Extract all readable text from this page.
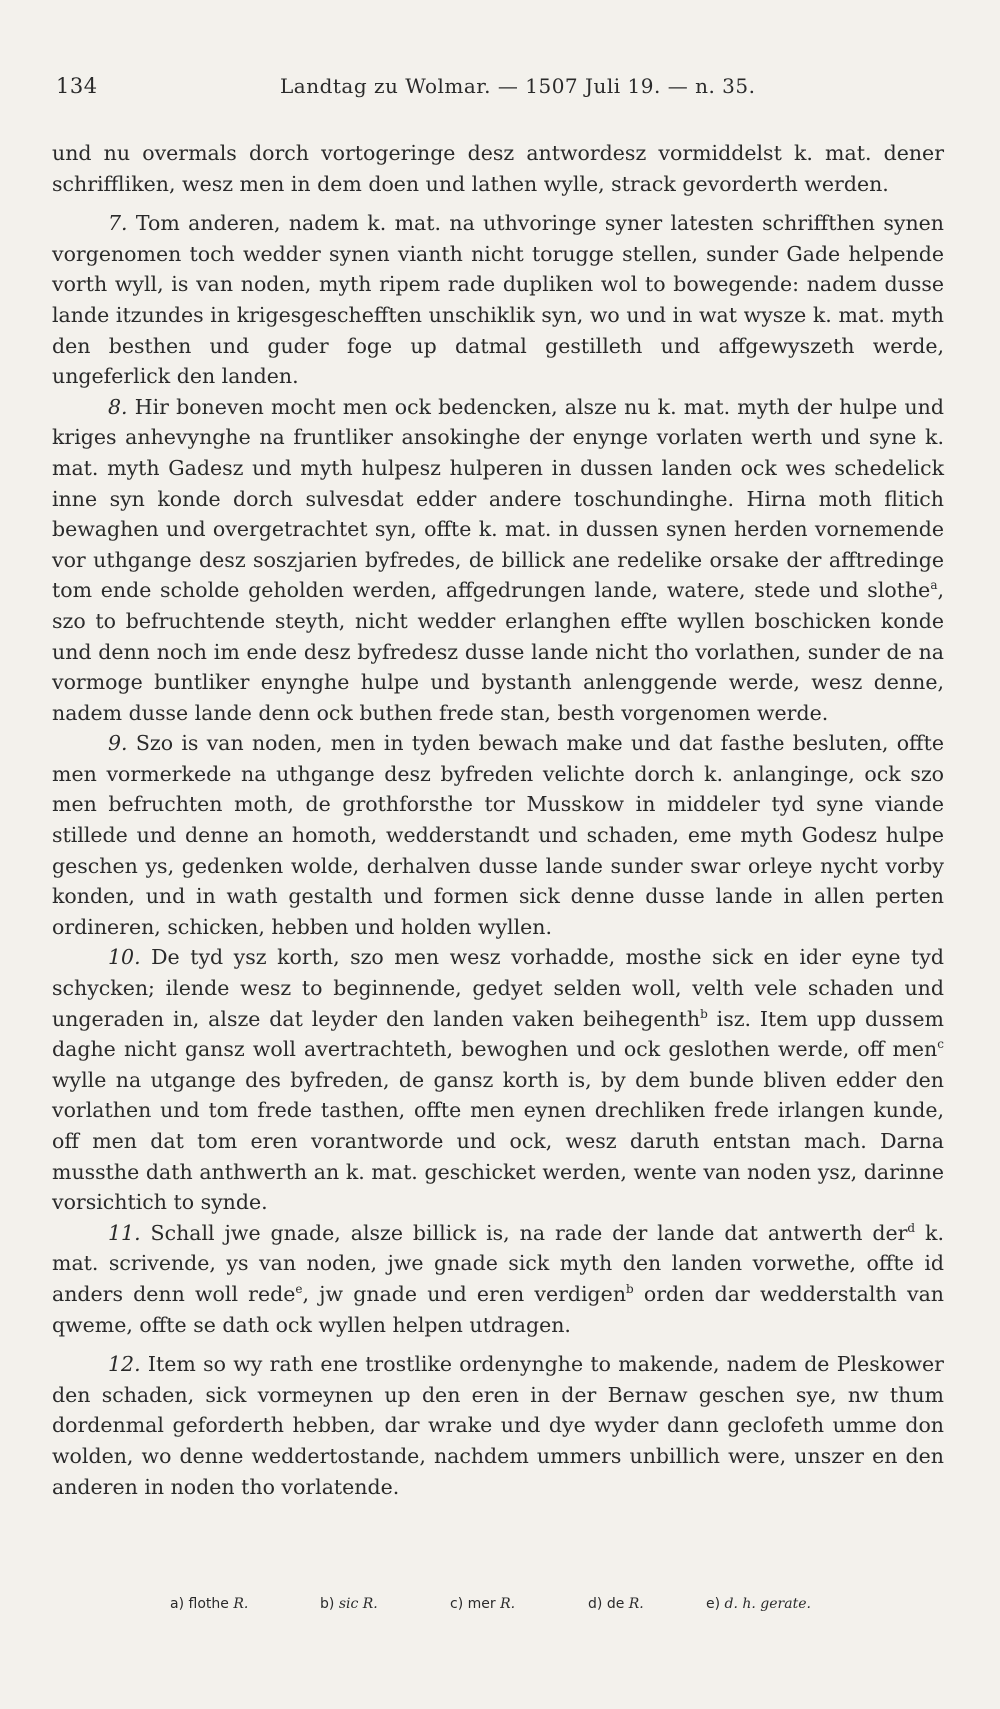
134	Landtag zu Wolmar. — 1507 Juli 19. — n. 35.

und nu overmals dorch vortogeringe desz antwordesz vormiddelst k. mat. dener schriffliken, wesz men in dem doen und lathen wylle, strack gevorderth werden.

7. Tom anderen, nadem k. mat. na uthvoringe syner latesten schriffthen synen vorgenomen toch wedder synen vianth nicht torugge stellen, sunder Gade helpende vorth wyll, is van noden, myth ripem rade dupliken wol to bowegende: nadem dusse lande itzundes in krigesgeschefften unschiklik syn, wo und in wat wysze k. mat. myth den besthen und guder foge up datmal gestilleth und affgewyszeth werde, ungeferlick den landen.

8. Hir boneven mocht men ock bedencken, alsze nu k. mat. myth der hulpe und kriges anhevynghe na fruntliker ansokinghe der enynge vorlaten werth und syne k. mat. myth Gadesz und myth hulpesz hulperen in dussen landen ock wes schedelick inne syn konde dorch sulvesdat edder andere toschundinghe. Hirna moth flitich bewaghen und overgetrachtet syn, offte k. mat. in dussen synen herden vornemende vor uthgange desz soszjarien byfredes, de billick ane redelike orsake der afftredinge tom ende scholde geholden werden, affgedrungen lande, watere, stede und slothe$^a$, szo to befruchtende steyth, nicht wedder erlanghen effte wyllen boschicken konde und denn noch im ende desz byfredesz dusse lande nicht tho vorlathen, sunder de na vormoge buntliker enynghe hulpe und bystanth anlenggende werde, wesz denne, nadem dusse lande denn ock buthen frede stan, besth vorgenomen werde.

9. Szo is van noden, men in tyden bewach make und dat fasthe besluten, offte men vormerkede na uthgange desz byfreden velichte dorch k. anlanginge, ock szo men befruchten moth, de grothforsthe tor Musskow in middeler tyd syne viande stillede und denne an homoth, wedderstandt und schaden, eme myth Godesz hulpe geschen ys, gedenken wolde, derhalven dusse lande sunder swar orleye nycht vorby konden, und in wath gestalth und formen sick denne dusse lande in allen perten ordineren, schicken, hebben und holden wyllen.

10. De tyd ysz korth, szo men wesz vorhadde, mosthe sick en ider eyne tyd schycken; ilende wesz to beginnende, gedyet selden woll, velth vele schaden und ungeraden in, alsze dat leyder den landen vaken beihegenth$^b$ isz. Item upp dussem daghe nicht gansz woll avertrachteth, bewoghen und ock geslothen werde, off men$^c$ wylle na utgange des byfreden, de gansz korth is, by dem bunde bliven edder den vorlathen und tom frede tasthen, offte men eynen drechliken frede irlangen kunde, off men dat tom eren vorantworde und ock, wesz daruth entstan mach. Darna mussthe dath anthwerth an k. mat. geschicket werden, wente van noden ysz, darinne vorsichtich to synde.

11. Schall jwe gnade, alsze billick is, na rade der lande dat antwerth der$^d$ k. mat. scrivende, ys van noden, jwe gnade sick myth den landen vorwethe, offte id anders denn woll rede$^e$, jw gnade und eren verdigen$^b$ orden dar wedderstalth van qweme, offte se dath ock wyllen helpen utdragen.

12. Item so wy rath ene trostlike ordenynghe to makende, nadem de Pleskower den schaden, sick vormeynen up den eren in der Bernaw geschen sye, nw thum dordenmal geforderth hebben, dar wrake und dye wyder dann geclofeth umme don wolden, wo denne weddertostande, nachdem ummers unbillich were, unszer en den anderen in noden tho vorlatende.

a) flothe R.	b) sic R.	c) mer R.	d) de R.	e) d. h. gerate.
